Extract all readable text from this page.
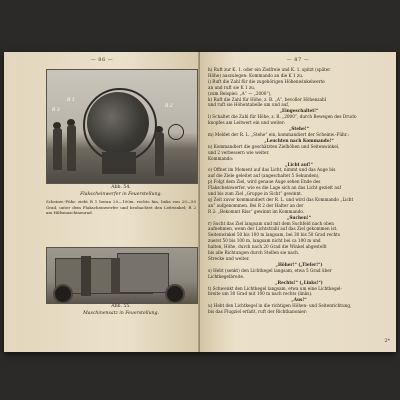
— 86 —
R 3
R 1
R 2
Abb. 54.
Flakscheinwerfer in Feuerstellung.
Scheinw.-Führ. zieht R 1 heran 20—100m. rechts hin, links von 20—50 Grad, unter dem Flakscheinwerfer und beobachtet den Leitwinkel; R 2 am Hilfsmaschinenrad.
Abb. 55.
Maschinensatz in Feuerstellung.
— 87 —
h) Ruft zur K. 1. oder ein Zielfreie und K. 1. spitzt (später
Höhe) auszulegen: Kommando an die K 1 zu.
i) Ruft die Zahl für die zugehörigen Höhenwinkelwerte
an und ruft sie K 1 zu,
(zum Beispiel: „A“ — „2000“),
k) Ruft die Zahl für Höhe, z. B. „A“, bevoller Höhenzahl
und ruft sie Höhentabelle um und auf,
„Eingeschaltet!“
l) Schaltet die Zahl für Höhe, z. B. „2000“, durch Bewegen des Druck-
knopfes am Leitwert ein und weiter:
„Stehe!“
m) Meldet der R. L. „Stehe“ ein, kommandiert der Scheinw.-Führ.:
„Leuchten nach Kommando!“
n) Kommandiert die geschätzten Zielhöhen und Seitenwinkel,
und 2 verbessern wie weiter.
Kommando:
„Licht auf!“
o) Öffnet im Moment auf das Licht, nimmt und das Auge bis
auf die Ziele geleitet auf (angeschaltet 5 Sekunden),
p) Folgt dem Ziel, wird genaue Auge sehen Ende des
Flakscheinwerfer, wie es die Lage sich an das Licht gezielt auf
und bis zum Ziel „Gruppe in Sicht“ gewinnt.
q) Zeit zuvor kommandiert der R. L. und wird das Kommando „Licht
an“ aufgenommen. Bei R 2 der Halter an der
R 2: „Bekommt Riss“ gewinnt im Kommando.
„Suchen!“
r) Sucht das Ziel langsam und mit dem Suchfeld nach oben
aufnehmen, wenn der Lichtstrahl auf das Ziel gekommen ist.
Seitenwinkel 50 bis 100 m langsam, bei 30 bis 50 Grad rechts
zuerst 50 bis 100 m, langsam nicht bei ca 100 m und
halten, Höhe, durch nach 20 Grad die Winkel abgestellt
bis alle Richtungen durch Stellen sie nach.
Strecke und weiter.
„Höher!“ („Tiefer!“)
s) Hebt (senkt) den Lichtkegel langsam, etwa 5 Grad über
Lichtkegelbreite.
„Rechts!“ („Links!“)
t) Schwenkt den Lichtkegel langsam, etwa um eine Lichtkegel-
breite um 30 Grad mit 100 m nach rechts (links).
„Aus!“
u) Hebt den Lichtkegel in die richtigen Höhen- und Seitenrichtung,
bis das Flugziel erfaßt, ruft der Richtkanonier:
2*
